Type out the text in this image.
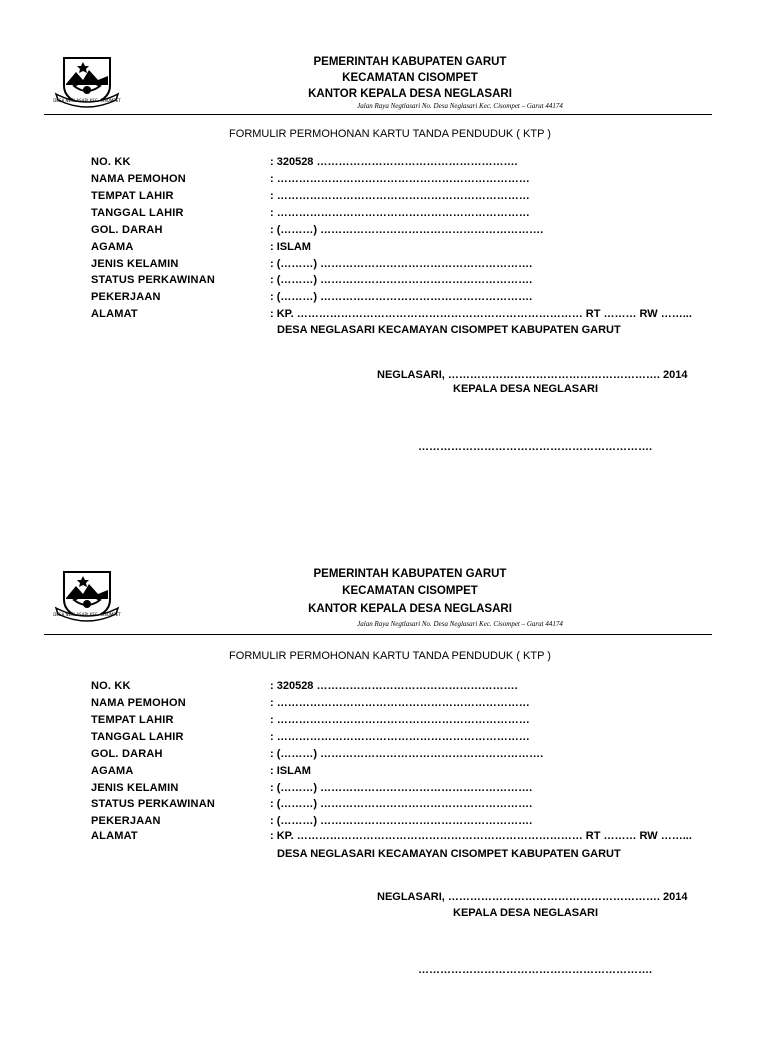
DESA NEGLASARI KEC. CISOMPET
PEMERINTAH KABUPATEN GARUT
KECAMATAN CISOMPET
KANTOR KEPALA DESA NEGLASARI
Jalan Raya Negtlasari No. Desa Neglasari Kec. Cisompet – Garut 44174
FORMULIR PERMOHONAN KARTU TANDA PENDUDUK ( KTP )
NO. KK	: 320528 ……………………………………………….
NAMA PEMOHON	: ……………………………………………………………
TEMPAT LAHIR	: ……………………………………………………………
TANGGAL LAHIR	: ……………………………………………………………
GOL. DARAH	: (………) …………………………………………………….
AGAMA	: ISLAM
JENIS KELAMIN	: (………) ………………………………………………….
STATUS PERKAWINAN	: (………) ………………………………………………….
PEKERJAAN	: (………) ………………………………………………….
ALAMAT	: KP. …………………………………………………………………… RT ……… RW ……...
DESA NEGLASARI KECAMAYAN CISOMPET KABUPATEN GARUT
NEGLASARI, …………………………………………………. 2014
KEPALA DESA NEGLASARI
……………………………………………………….
DESA NEGLASARI KEC. CISOMPET
PEMERINTAH KABUPATEN GARUT
KECAMATAN CISOMPET
KANTOR KEPALA DESA NEGLASARI
Jalan Raya Negtlasari No. Desa Neglasari Kec. Cisompet – Garut 44174
FORMULIR PERMOHONAN KARTU TANDA PENDUDUK ( KTP )
NO. KK	: 320528 ……………………………………………….
NAMA PEMOHON	: ……………………………………………………………
TEMPAT LAHIR	: ……………………………………………………………
TANGGAL LAHIR	: ……………………………………………………………
GOL. DARAH	: (………) …………………………………………………….
AGAMA	: ISLAM
JENIS KELAMIN	: (………) ………………………………………………….
STATUS PERKAWINAN	: (………) ………………………………………………….
PEKERJAAN	: (………) ………………………………………………….
ALAMAT	: KP. …………………………………………………………………… RT ……… RW ……...
DESA NEGLASARI KECAMAYAN CISOMPET KABUPATEN GARUT
NEGLASARI, …………………………………………………. 2014
KEPALA DESA NEGLASARI
……………………………………………………….
